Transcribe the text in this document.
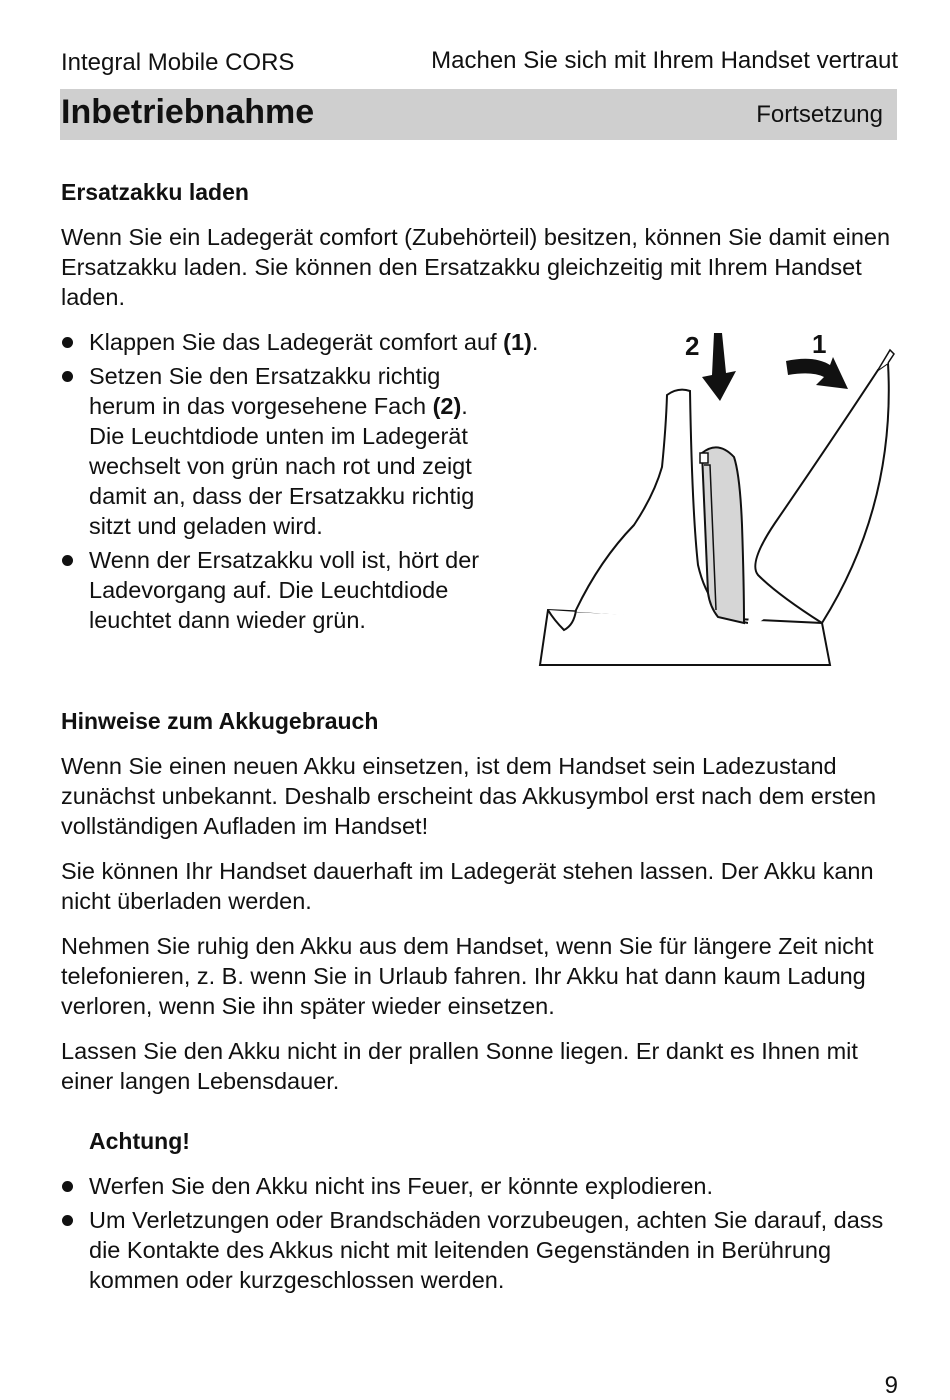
Integral Mobile CORS	Machen Sie sich mit Ihrem Handset vertraut
Inbetriebnahme	Fortsetzung
Ersatzakku laden
Wenn Sie ein Ladegerät comfort (Zubehörteil) besitzen, können Sie damit einen Ersatzakku laden. Sie können den Ersatzakku gleichzeitig mit Ihrem Handset laden.
Klappen Sie das Ladegerät comfort auf (1).
Setzen Sie den Ersatzakku richtig herum in das vorgesehene Fach (2). Die Leuchtdiode unten im Ladegerät wechselt von grün nach rot und zeigt damit an, dass der Ersatzakku richtig sitzt und geladen wird.
Wenn der Ersatzakku voll ist, hört der Ladevorgang auf. Die Leuchtdiode leuchtet dann wieder grün.
2	1
Hinweise zum Akkugebrauch
Wenn Sie einen neuen Akku einsetzen, ist dem Handset sein Ladezustand zunächst unbekannt. Deshalb erscheint das Akkusymbol erst nach dem ersten vollständigen Aufladen im Handset!
Sie können Ihr Handset dauerhaft im Ladegerät stehen lassen. Der Akku kann nicht überladen werden.
Nehmen Sie ruhig den Akku aus dem Handset, wenn Sie für längere Zeit nicht telefonieren, z. B. wenn Sie in Urlaub fahren. Ihr Akku hat dann kaum Ladung verloren, wenn Sie ihn später wieder einsetzen.
Lassen Sie den Akku nicht in der prallen Sonne liegen. Er dankt es Ihnen mit einer langen Lebensdauer.
Achtung!
Werfen Sie den Akku nicht ins Feuer, er könnte explodieren.
Um Verletzungen oder Brandschäden vorzubeugen, achten Sie darauf, dass die Kontakte des Akkus nicht mit leitenden Gegenständen in Berührung kommen oder kurzgeschlossen werden.
9
